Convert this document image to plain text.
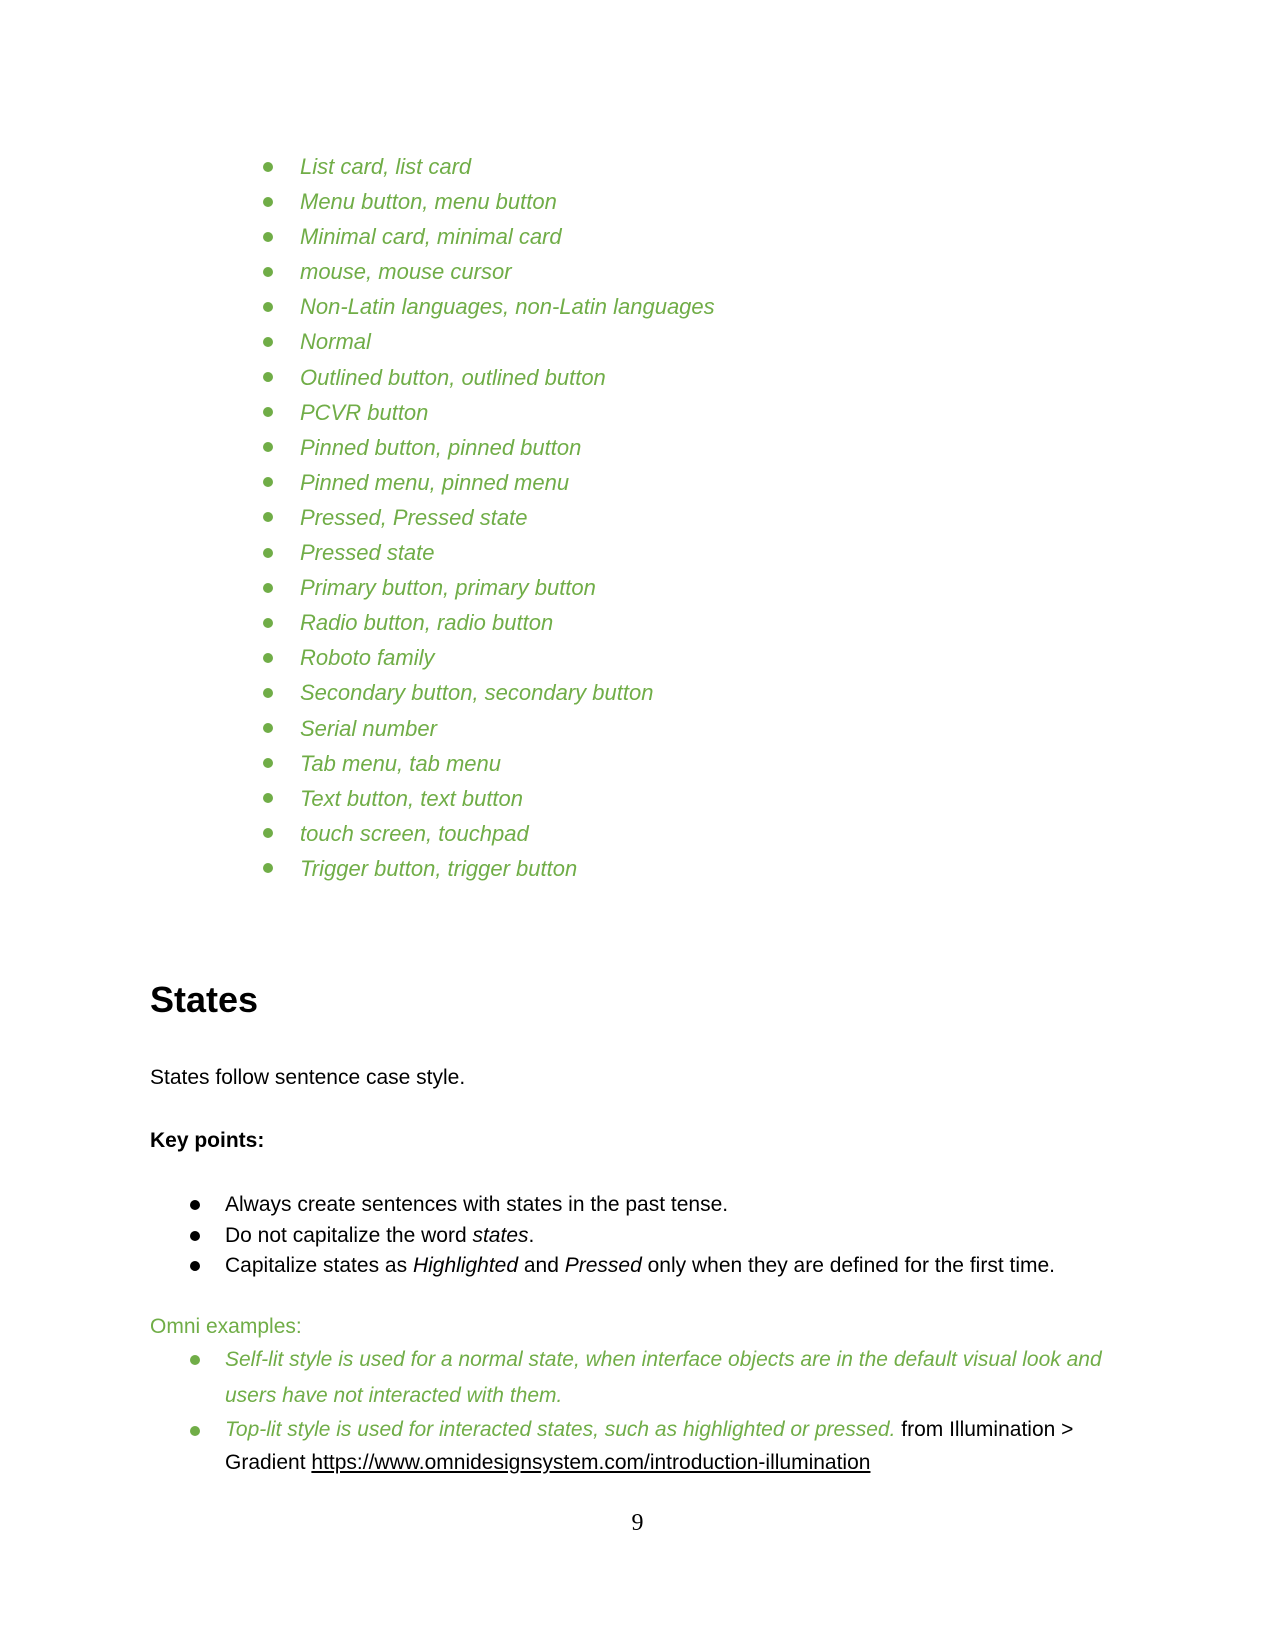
List card, list card
Menu button, menu button
Minimal card, minimal card
mouse, mouse cursor
Non-Latin languages, non-Latin languages
Normal
Outlined button, outlined button
PCVR button
Pinned button, pinned button
Pinned menu, pinned menu
Pressed, Pressed state
Pressed state
Primary button, primary button
Radio button, radio button
Roboto family
Secondary button, secondary button
Serial number
Tab menu, tab menu
Text button, text button
touch screen, touchpad
Trigger button, trigger button
States

States follow sentence case style.

Key points:

Always create sentences with states in the past tense.
Do not capitalize the word states.
Capitalize states as Highlighted and Pressed only when they are defined for the first time.

Omni examples:

Self-lit style is used for a normal state, when interface objects are in the default visual look and users have not interacted with them.
Top-lit style is used for interacted states, such as highlighted or pressed. from Illumination > Gradient https://www.omnidesignsystem.com/introduction-illumination

9
